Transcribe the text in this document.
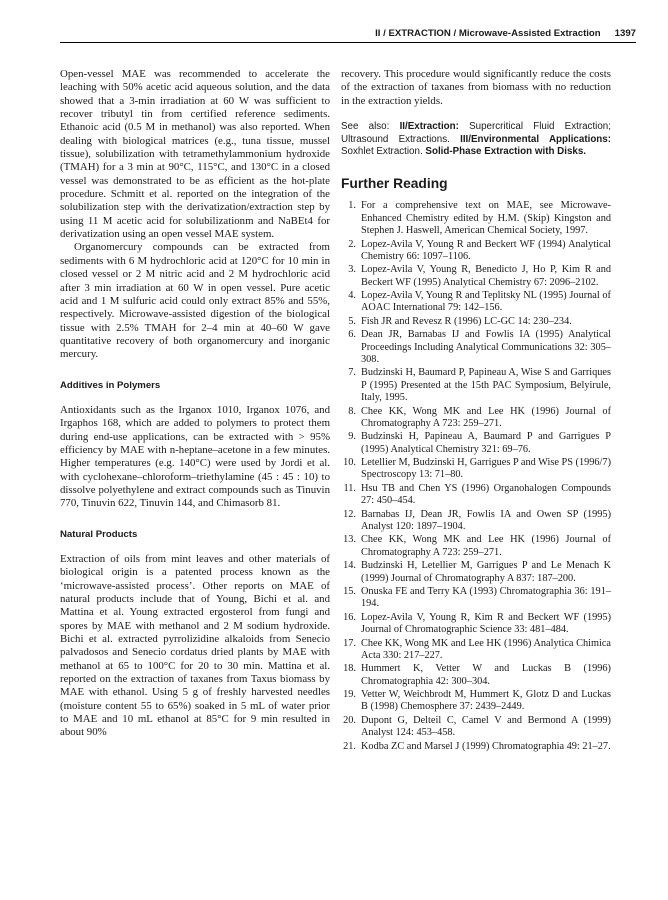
II / EXTRACTION / Microwave-Assisted Extraction 1397

Open-vessel MAE was recommended to accelerate the leaching with 50% acetic acid aqueous solution, and the data showed that a 3-min irradiation at 60 W was sufficient to recover tributyl tin from certified reference sediments. Ethanoic acid (0.5 M in methanol) was also reported. When dealing with biological matrices (e.g., tuna tissue, mussel tissue), solubilization with tetramethylammonium hydroxide (TMAH) for a 3 min at 90°C, 115°C, and 130°C in a closed vessel was demonstrated to be as efficient as the hot-plate procedure. Schmitt et al. reported on the integration of the solubilization step with the derivatization/extraction step by using 11 M acetic acid for solubilizationm and NaBEt4 for derivatization using an open vessel MAE system.

Organomercury compounds can be extracted from sediments with 6 M hydrochloric acid at 120°C for 10 min in closed vessel or 2 M nitric acid and 2 M hydrochloric acid after 3 min irradiation at 60 W in open vessel. Pure acetic acid and 1 M sulfuric acid could only extract 85% and 55%, respectively. Microwave-assisted digestion of the biological tissue with 2.5% TMAH for 2–4 min at 40–60 W gave quantitative recovery of both organomercury and inorganic mercury.

Additives in Polymers

Antioxidants such as the Irganox 1010, Irganox 1076, and Irgaphos 168, which are added to polymers to protect them during end-use applications, can be extracted with > 95% efficiency by MAE with n-heptane–acetone in a few minutes. Higher temperatures (e.g. 140°C) were used by Jordi et al. with cyclohexane–chloroform–triethylamine (45 : 45 : 10) to dissolve polyethylene and extract compounds such as Tinuvin 770, Tinuvin 622, Tinuvin 144, and Chimasorb 81.

Natural Products

Extraction of oils from mint leaves and other materials of biological origin is a patented process known as the ‘microwave-assisted process’. Other reports on MAE of natural products include that of Young, Bichi et al. and Mattina et al. Young extracted ergosterol from fungi and spores by MAE with methanol and 2 M sodium hydroxide. Bichi et al. extracted pyrrolizidine alkaloids from Senecio palvadosos and Senecio cordatus dried plants by MAE with methanol at 65 to 100°C for 20 to 30 min. Mattina et al. reported on the extraction of taxanes from Taxus biomass by MAE with ethanol. Using 5 g of freshly harvested needles (moisture content 55 to 65%) soaked in 5 mL of water prior to MAE and 10 mL ethanol at 85°C for 9 min resulted in about 90%

recovery. This procedure would significantly reduce the costs of the extraction of taxanes from biomass with no reduction in the extraction yields.

See also: II/Extraction: Supercritical Fluid Extraction; Ultrasound Extractions. III/Environmental Applications: Soxhlet Extraction. Solid-Phase Extraction with Disks.

Further Reading
1. For a comprehensive text on MAE, see Microwave-Enhanced Chemistry edited by H.M. (Skip) Kingston and Stephen J. Haswell, American Chemical Society, 1997.
2. Lopez-Avila V, Young R and Beckert WF (1994) Analytical Chemistry 66: 1097–1106.
3. Lopez-Avila V, Young R, Benedicto J, Ho P, Kim R and Beckert WF (1995) Analytical Chemistry 67: 2096–2102.
4. Lopez-Avila V, Young R and Teplitsky NL (1995) Journal of AOAC International 79: 142–156.
5. Fish JR and Revesz R (1996) LC-GC 14: 230–234.
6. Dean JR, Barnabas IJ and Fowlis IA (1995) Analytical Proceedings Including Analytical Communications 32: 305–308.
7. Budzinski H, Baumard P, Papineau A, Wise S and Garriques P (1995) Presented at the 15th PAC Symposium, Belyirule, Italy, 1995.
8. Chee KK, Wong MK and Lee HK (1996) Journal of Chromatography A 723: 259–271.
9. Budzinski H, Papineau A, Baumard P and Garrigues P (1995) Analytical Chemistry 321: 69–76.
10. Letellier M, Budzinski H, Garrigues P and Wise PS (1996/7) Spectroscopy 13: 71–80.
11. Hsu TB and Chen YS (1996) Organohalogen Compounds 27: 450–454.
12. Barnabas IJ, Dean JR, Fowlis IA and Owen SP (1995) Analyst 120: 1897–1904.
13. Chee KK, Wong MK and Lee HK (1996) Journal of Chromatography A 723: 259–271.
14. Budzinski H, Letellier M, Garrigues P and Le Menach K (1999) Journal of Chromatography A 837: 187–200.
15. Onuska FE and Terry KA (1993) Chromatographia 36: 191–194.
16. Lopez-Avila V, Young R, Kim R and Beckert WF (1995) Journal of Chromatographic Science 33: 481–484.
17. Chee KK, Wong MK and Lee HK (1996) Analytica Chimica Acta 330: 217–227.
18. Hummert K, Vetter W and Luckas B (1996) Chromatographia 42: 300–304.
19. Vetter W, Weichbrodt M, Hummert K, Glotz D and Luckas B (1998) Chemosphere 37: 2439–2449.
20. Dupont G, Delteil C, Camel V and Bermond A (1999) Analyst 124: 453–458.
21. Kodba ZC and Marsel J (1999) Chromatographia 49: 21–27.
